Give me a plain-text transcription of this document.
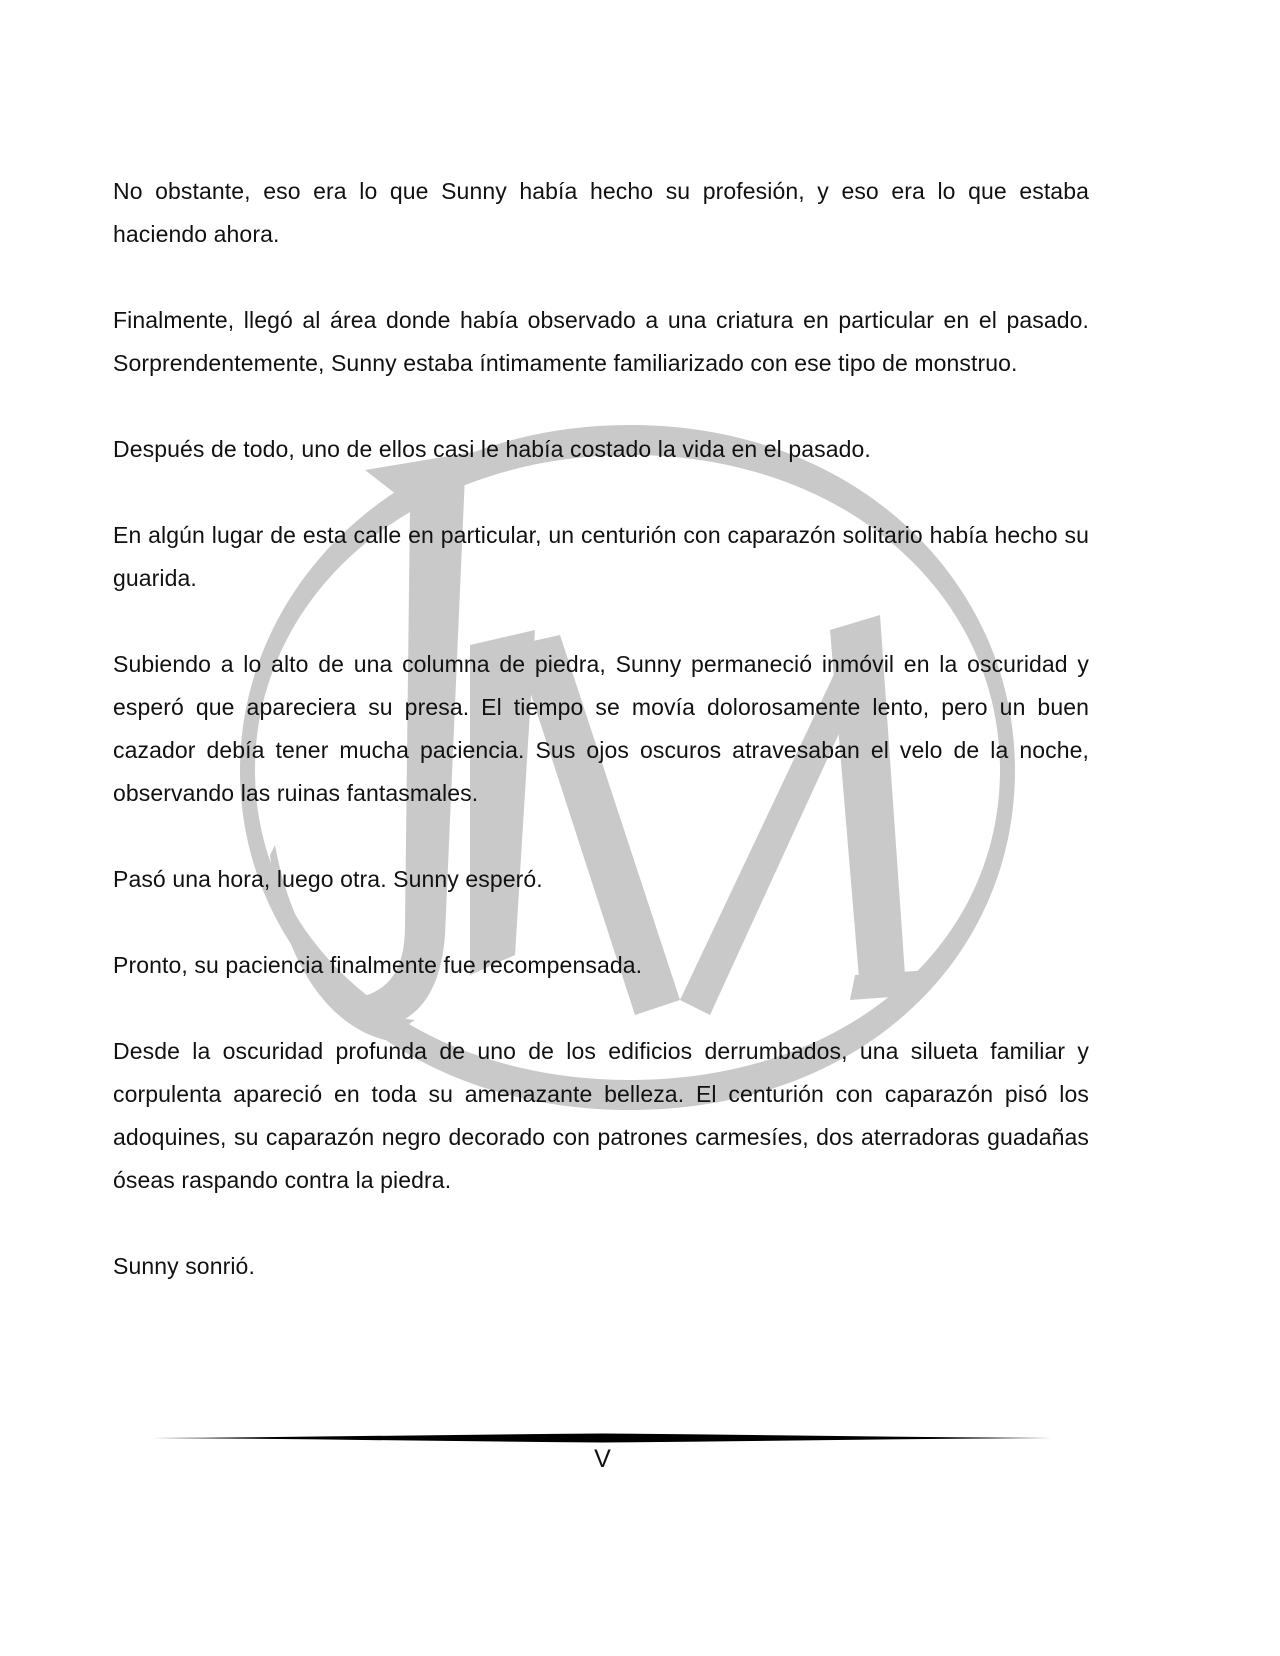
No obstante, eso era lo que Sunny había hecho su profesión, y eso era lo que estaba haciendo ahora.

Finalmente, llegó al área donde había observado a una criatura en particular en el pasado. Sorprendentemente, Sunny estaba íntimamente familiarizado con ese tipo de monstruo.

Después de todo, uno de ellos casi le había costado la vida en el pasado.

En algún lugar de esta calle en particular, un centurión con caparazón solitario había hecho su guarida.

Subiendo a lo alto de una columna de piedra, Sunny permaneció inmóvil en la oscuridad y esperó que apareciera su presa. El tiempo se movía dolorosamente lento, pero un buen cazador debía tener mucha paciencia. Sus ojos oscuros atravesaban el velo de la noche, observando las ruinas fantasmales.

Pasó una hora, luego otra. Sunny esperó.

Pronto, su paciencia finalmente fue recompensada.

Desde la oscuridad profunda de uno de los edificios derrumbados, una silueta familiar y corpulenta apareció en toda su amenazante belleza. El centurión con caparazón pisó los adoquines, su caparazón negro decorado con patrones carmesíes, dos aterradoras guadañas óseas raspando contra la piedra.

Sunny sonrió.

V
